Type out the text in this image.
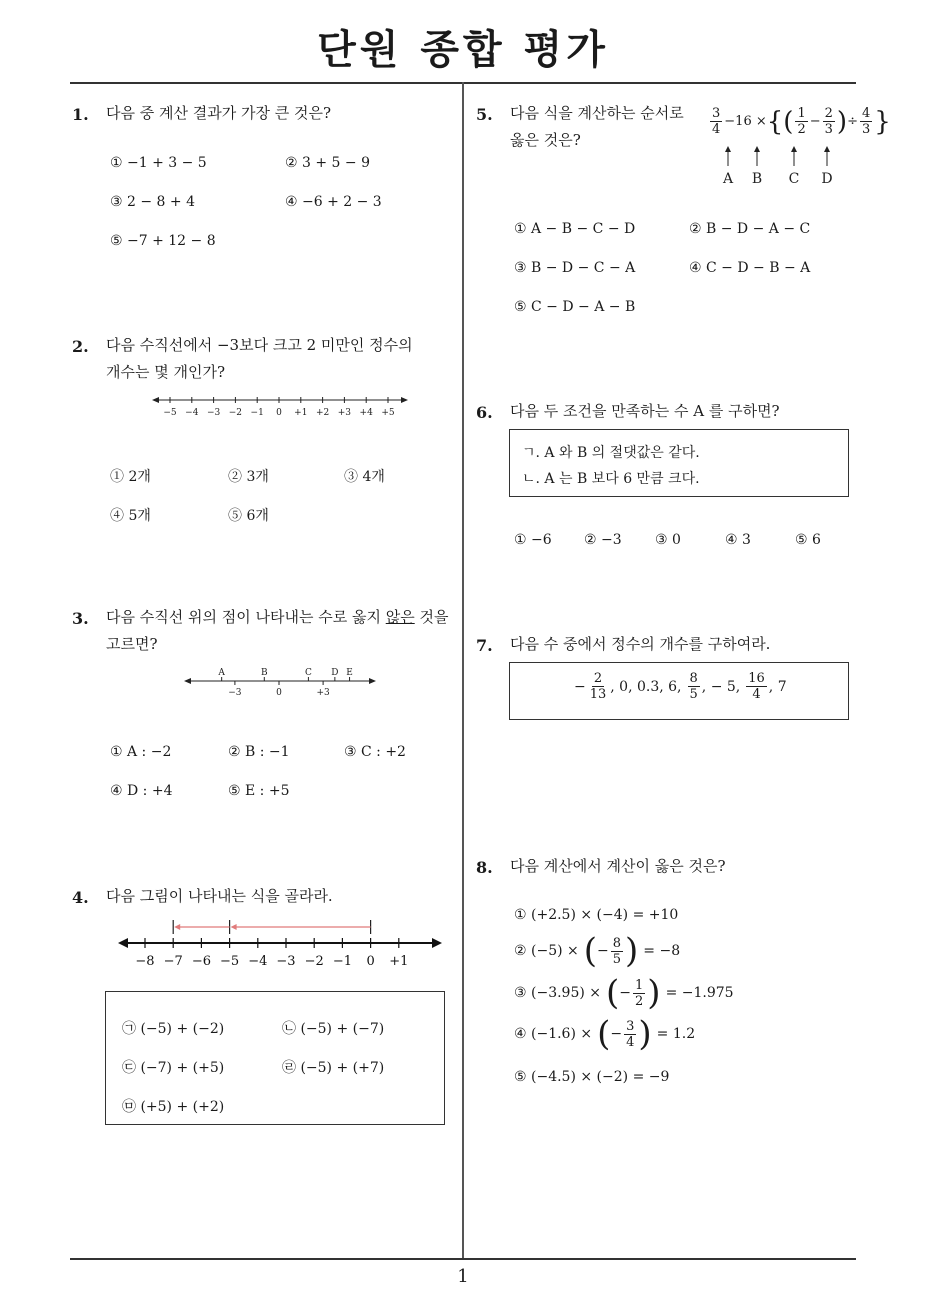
단원 종합 평가
1
1. 다음 중 계산 결과가 가장 큰 것은?
① −1 + 3 − 5	② 3 + 5 − 9
③ 2 − 8 + 4	④ −6 + 2 − 3
⑤ −7 + 12 − 8
2. 다음 수직선에서 −3보다 크고 2 미만인 정수의
개수는 몇 개인가?
−5 −4 −3 −2 −1 0 +1 +2 +3 +4 +5
① 2개	② 3개	③ 4개
④ 5개	⑤ 6개
3. 다음 수직선 위의 점이 나타내는 수로 옳지 않은 것을
고르면?
A	B	C D E
−3	0	+3
① A : −2	② B : −1	③ C : +2
④ D : +4	⑤ E : +5
4. 다음 그림이 나타내는 식을 골라라.
−8 −7 −6 −5 −4 −3 −2 −1 0 +1
㉠ (−5) + (−2)	㉡ (−5) + (−7)
㉢ (−7) + (+5)	㉣ (−5) + (+7)
㉤ (+5) + (+2)
5. 다음 식을 계산하는 순서로
옳은 것은?
$\frac{3}{4} -16$ × {( $\frac{1}{2} - \frac{2}{3}$ ) ÷ $\frac{4}{3}$ }
A B C D
① A − B − C − D	② B − D − A − C
③ B − D − C − A	④ C − D − B − A
⑤ C − D − A − B
6. 다음 두 조건을 만족하는 수 A 를 구하면?
ㄱ. A 와 B 의 절댓값은 같다.
ㄴ. A 는 B 보다 6 만큼 크다.
① −6 ② −3 ③ 0	④ 3	⑤ 6
7. 다음 수 중에서 정수의 개수를 구하여라.
− $\frac{2}{13}$ , 0, 0.3, 6, $\frac{8}{5}$ , − 5, $\frac{16}{4}$ , 7
8. 다음 계산에서 계산이 옳은 것은?
① (+2.5) × (−4) = +10
② (−5) × ( − $\frac{8}{5}$ ) = −8
③ (−3.95) × ( − $\frac{1}{2}$ ) = −1.975
④ (−1.6) × ( − $\frac{3}{4}$ ) = 1.2
⑤ (−4.5) × (−2) = −9
